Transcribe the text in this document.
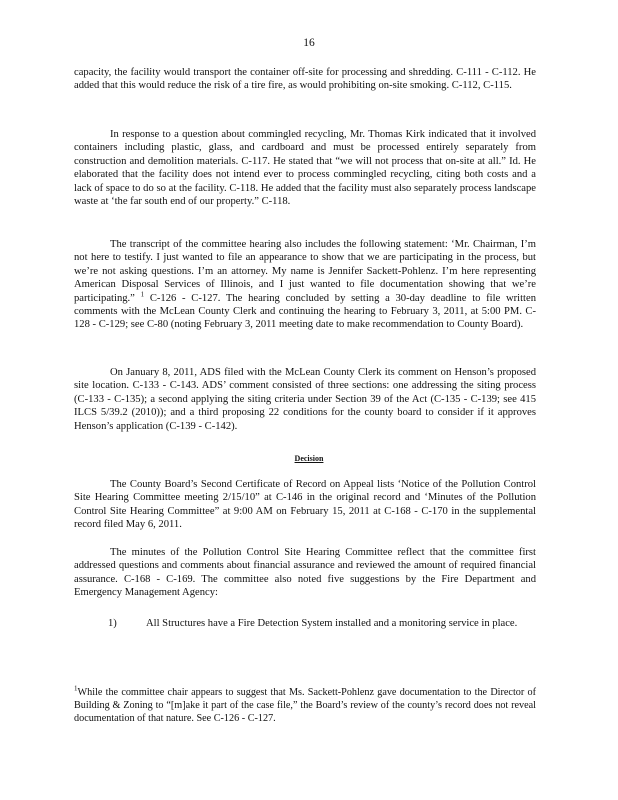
16

capacity, the facility would transport the container off-site for processing and shredding. C-111 - C-112. He added that this would reduce the risk of a tire fire, as would prohibiting on-site smoking. C-112, C-115.

In response to a question about commingled recycling, Mr. Thomas Kirk indicated that it involved containers including plastic, glass, and cardboard and must be processed entirely separately from construction and demolition materials. C-117. He stated that “we will not process that on-site at all.” Id. He elaborated that the facility does not intend ever to process commingled recycling, citing both costs and a lack of space to do so at the facility. C-118. He added that the facility must also separately process landscape waste at ‘the far south end of our property.” C-118.

The transcript of the committee hearing also includes the following statement: ‘Mr. Chairman, I’m not here to testify. I just wanted to file an appearance to show that we are participating in the process, but we’re not asking questions. I’m an attorney. My name is Jennifer Sackett-Pohlenz. I’m here representing American Disposal Services of Illinois, and I just wanted to file documentation showing that we’re participating.” $^1$ C-126 - C-127. The hearing concluded by setting a 30-day deadline to file written comments with the McLean County Clerk and continuing the hearing to February 3, 2011, at 5:00 PM. C-128 - C-129; see C-80 (noting February 3, 2011 meeting date to make recommendation to County Board).

On January 8, 2011, ADS filed with the McLean County Clerk its comment on Henson’s proposed site location. C-133 - C-143. ADS’ comment consisted of three sections: one addressing the siting process (C-133 - C-135); a second applying the siting criteria under Section 39 of the Act (C-135 - C-139; see 415 ILCS 5/39.2 (2010)); and a third proposing 22 conditions for the county board to consider if it approves Henson’s application (C-139 - C-142).

Decision

The County Board’s Second Certificate of Record on Appeal lists ‘Notice of the Pollution Control Site Hearing Committee meeting 2/15/10” at C-146 in the original record and ‘Minutes of the Pollution Control Site Hearing Committee” at 9:00 AM on February 15, 2011 at C-168 - C-170 in the supplemental record filed May 6, 2011.

The minutes of the Pollution Control Site Hearing Committee reflect that the committee first addressed questions and comments about financial assurance and reviewed the amount of required financial assurance. C-168 - C-169. The committee also noted five suggestions by the Fire Department and Emergency Management Agency:

1)	All Structures have a Fire Detection System installed and a monitoring service in place.
$^1$While the committee chair appears to suggest that Ms. Sackett-Pohlenz gave documentation to the Director of Building & Zoning to “[m]ake it part of the case file,” the Board’s review of the county’s record does not reveal documentation of that nature. See C-126 - C-127.
